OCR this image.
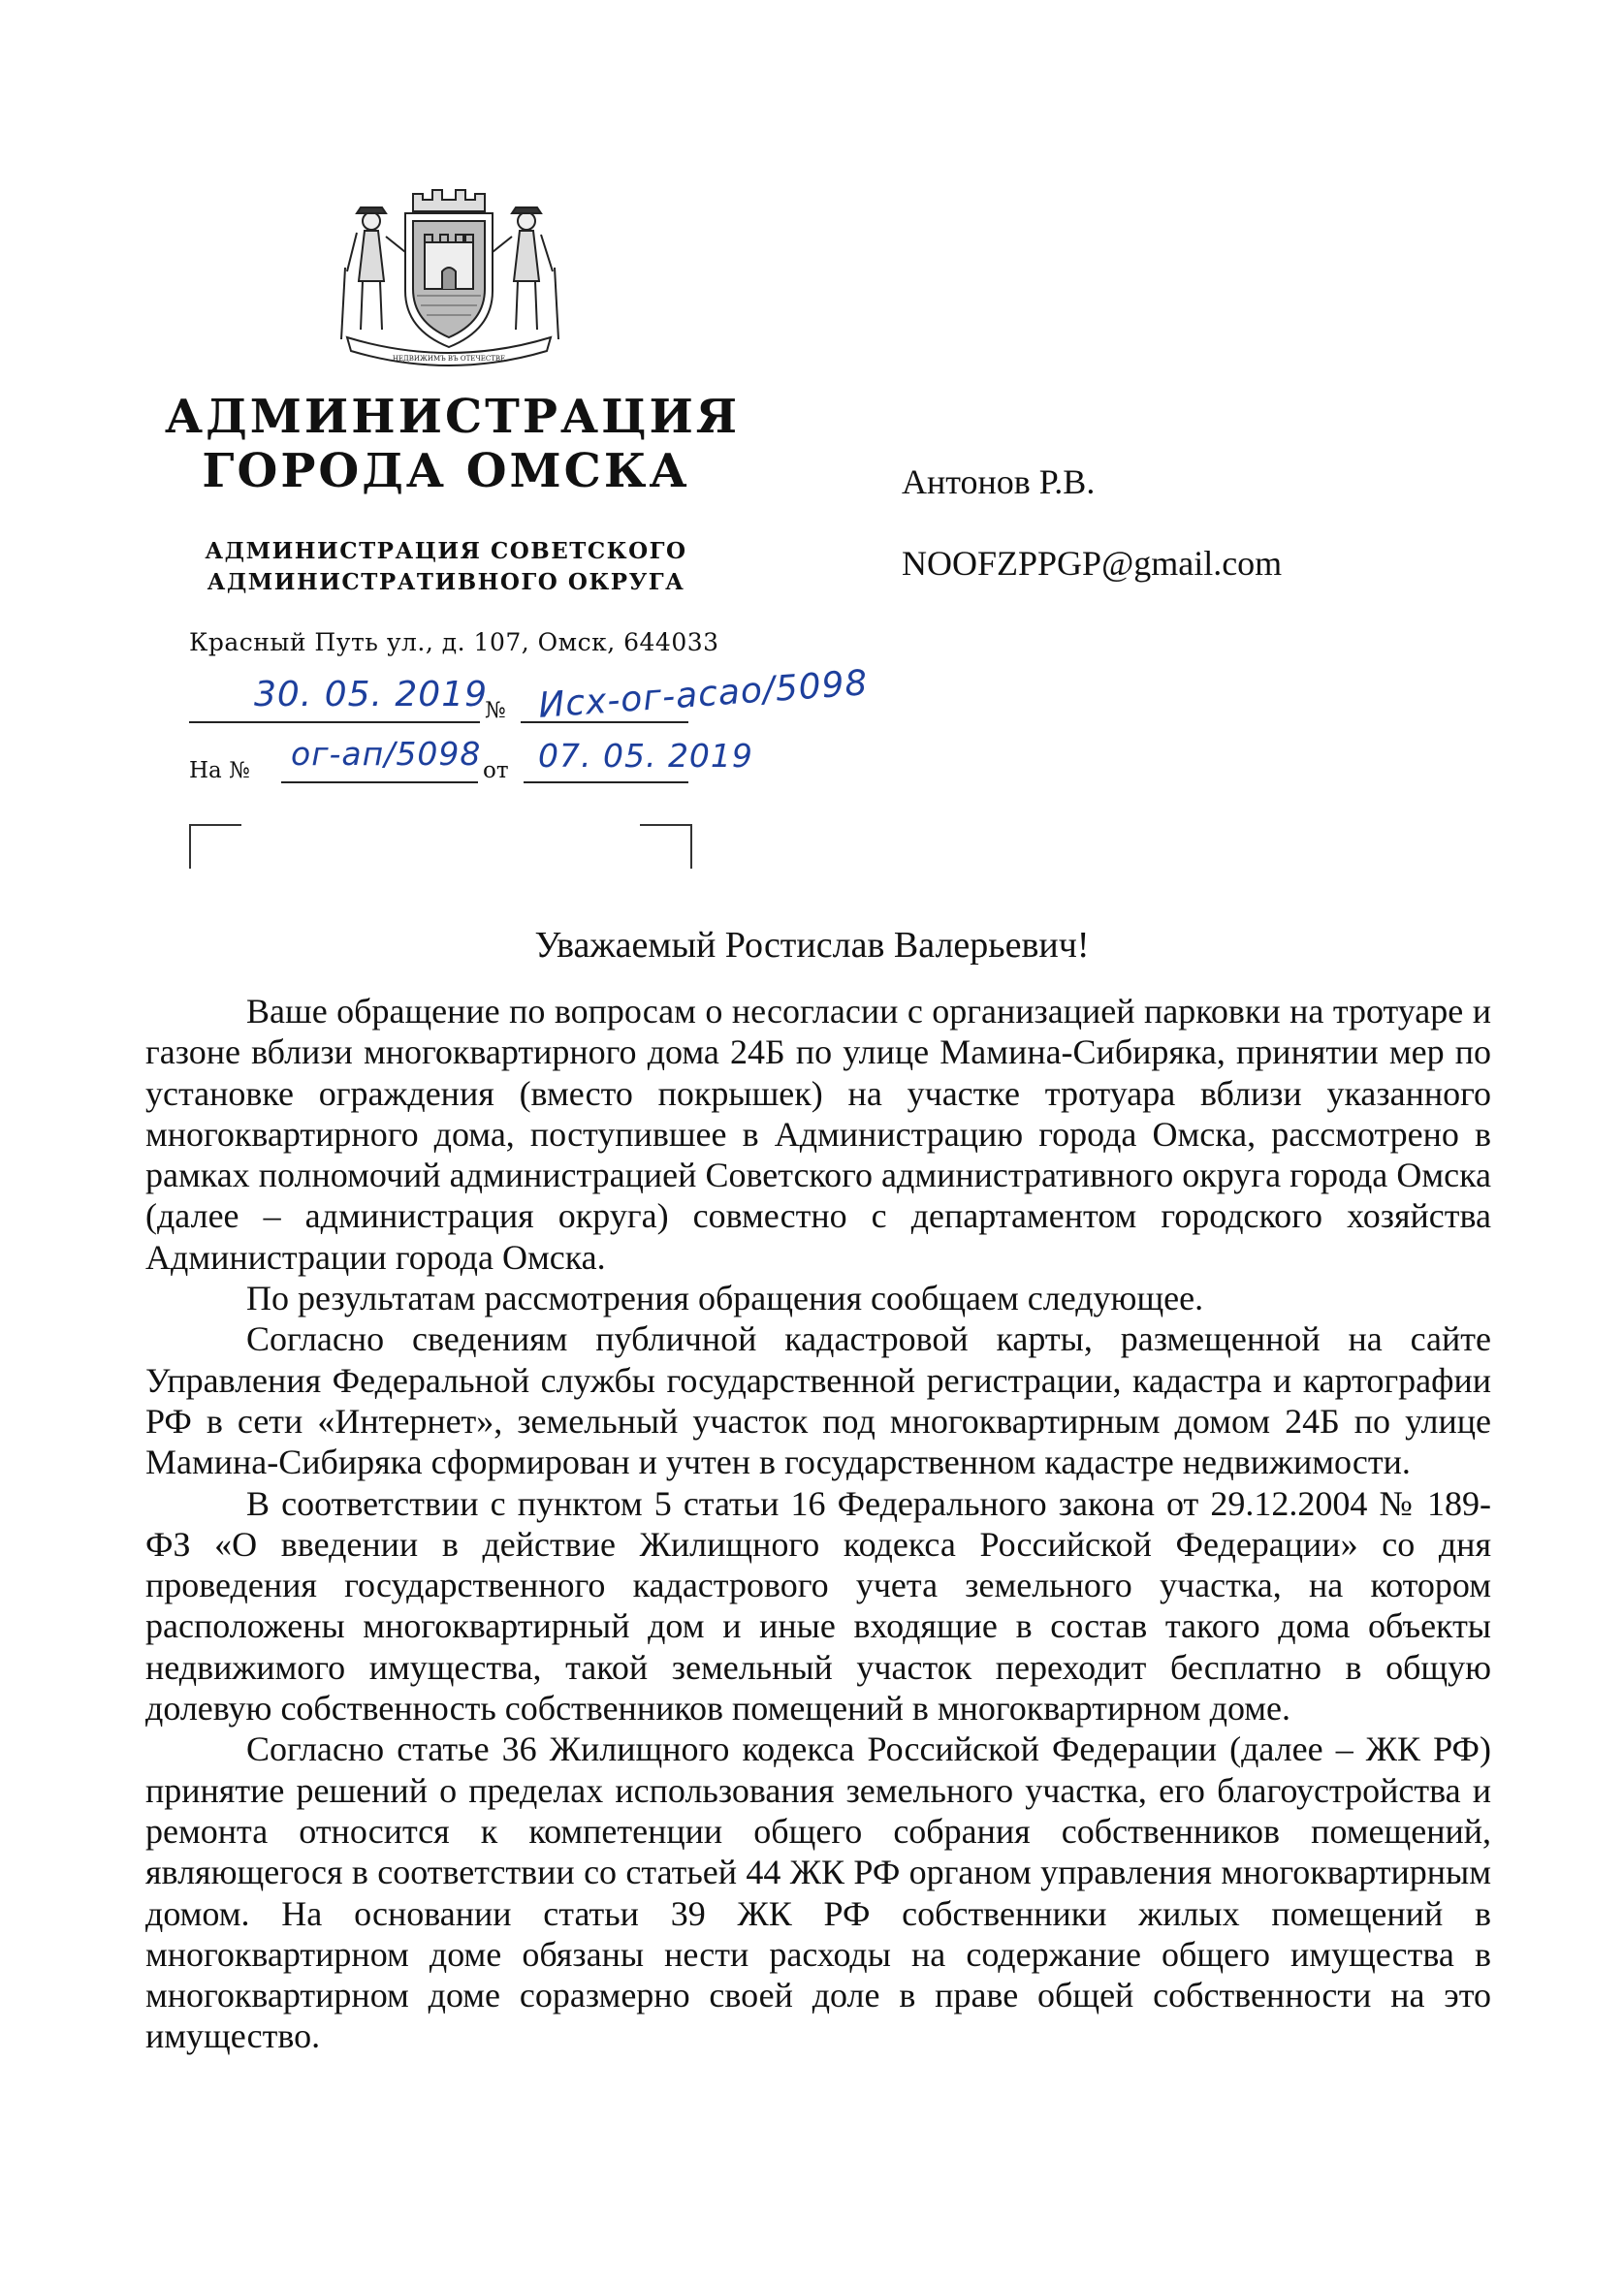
НЕДВИЖИМЪ ВЪ ОТЕЧЕСТВЕ
АДМИНИСТРАЦИЯ
ГОРОДА ОМСКА
АДМИНИСТРАЦИЯ СОВЕТСКОГО
АДМИНИСТРАТИВНОГО ОКРУГА
Красный Путь ул., д. 107, Омск, 644033
30. 05. 2019
№ Исх-ог-асао/5098
На № ог-ап/5098 от 07. 05. 2019
Антонов Р.В.
NOOFZPPGP@gmail.com
Уважаемый Ростислав Валерьевич!

Ваше обращение по вопросам о несогласии с организацией парковки на тротуаре и газоне вблизи многоквартирного дома 24Б по улице Мамина-Сибиряка, принятии мер по установке ограждения (вместо покрышек) на участке тротуара вблизи указанного многоквартирного дома, поступившее в Администрацию города Омска, рассмотрено в рамках полномочий администрацией Советского административного округа города Омска (далее – администрация округа) совместно с департаментом городского хозяйства Администрации города Омска.

По результатам рассмотрения обращения сообщаем следующее.

Согласно сведениям публичной кадастровой карты, размещенной на сайте Управления Федеральной службы государственной регистрации, кадастра и картографии РФ в сети «Интернет», земельный участок под многоквартирным домом 24Б по улице Мамина-Сибиряка сформирован и учтен в государственном кадастре недвижимости.

В соответствии с пунктом 5 статьи 16 Федерального закона от 29.12.2004 № 189-ФЗ «О введении в действие Жилищного кодекса Российской Федерации» со дня проведения государственного кадастрового учета земельного участка, на котором расположены многоквартирный дом и иные входящие в состав такого дома объекты недвижимого имущества, такой земельный участок переходит бесплатно в общую долевую собственность собственников помещений в многоквартирном доме.

Согласно статье 36 Жилищного кодекса Российской Федерации (далее – ЖК РФ) принятие решений о пределах использования земельного участка, его благоустройства и ремонта относится к компетенции общего собрания собственников помещений, являющегося в соответствии со статьей 44 ЖК РФ органом управления многоквартирным домом. На основании статьи 39 ЖК РФ собственники жилых помещений в многоквартирном доме обязаны нести расходы на содержание общего имущества в многоквартирном доме соразмерно своей доле в праве общей собственности на это имущество.
